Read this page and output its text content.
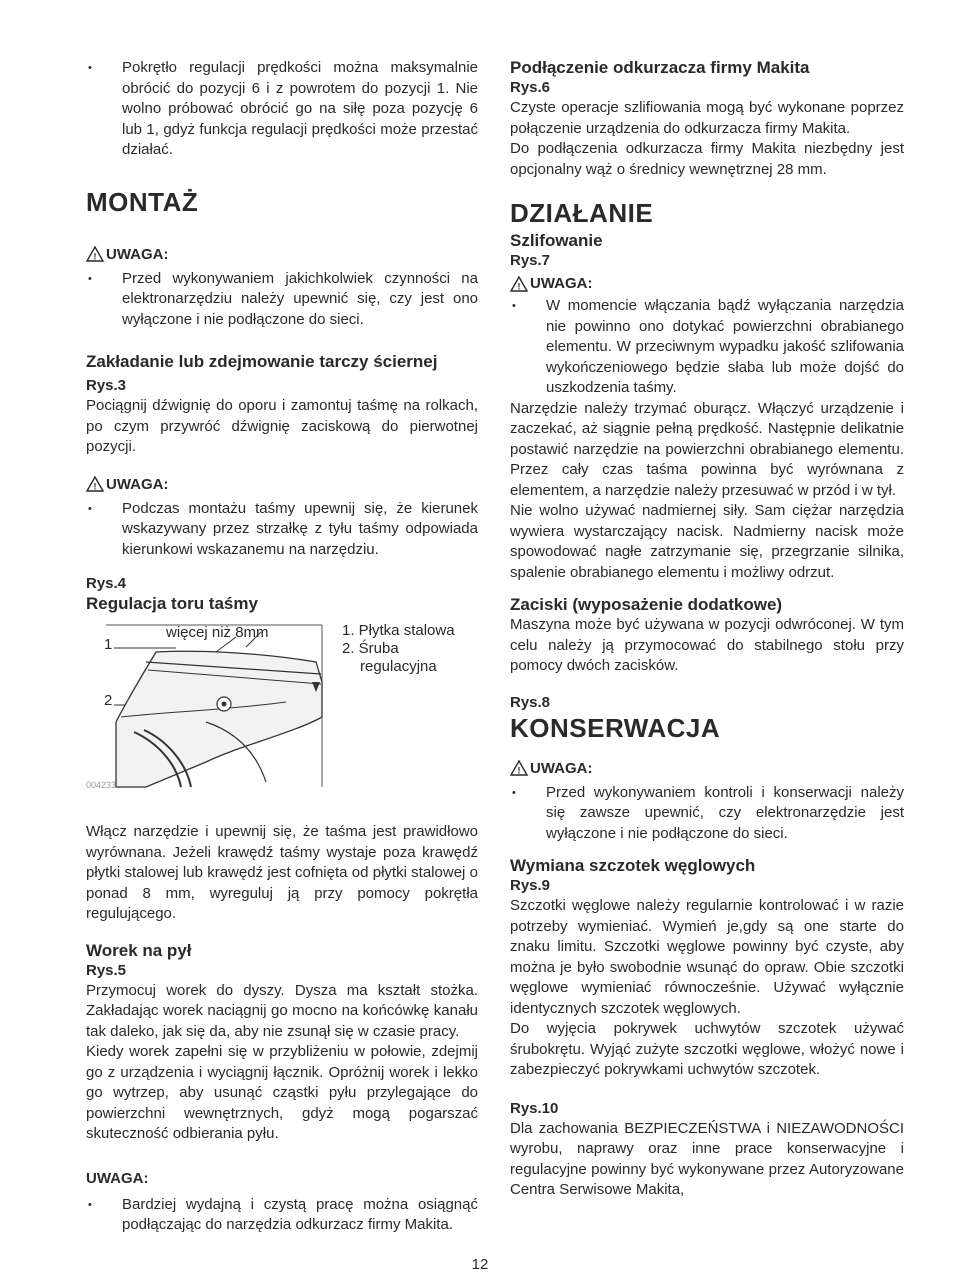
• Pokrętło regulacji prędkości można maksymalnie obrócić do pozycji 6 i z powrotem do pozycji 1. Nie wolno próbować obrócić go na siłę poza pozycję 6 lub 1, gdyż funkcja regulacji prędkości może przestać działać.

MONTAŻ
! UWAGA:

• Przed wykonywaniem jakichkolwiek czynności na elektronarzędziu należy upewnić się, czy jest ono wyłączone i nie podłączone do sieci.

Zakładanie lub zdejmowanie tarczy ściernej

Rys.3

Pociągnij dźwignię do oporu i zamontuj taśmę na rolkach, po czym przywróć dźwignię zaciskową do pierwotnej pozycji.

! UWAGA:

• Podczas montażu taśmy upewnij się, że kierunek wskazywany przez strzałkę z tyłu taśmy odpowiada kierunkowi wskazanemu na narzędziu.

Rys.4

Regulacja toru taśmy
więcej niż 8mm
1
2
1. Płytka stalowa
2. Śruba
regulacyjna
004233

Włącz narzędzie i upewnij się, że taśma jest prawidłowo wyrównana. Jeżeli krawędź taśmy wystaje poza krawędź płytki stalowej lub krawędź jest cofnięta od płytki stalowej o ponad 8 mm, wyreguluj ją przy pomocy pokrętła regulującego.

Worek na pył

Rys.5

Przymocuj worek do dyszy. Dysza ma kształt stożka. Zakładając worek naciągnij go mocno na końcówkę kanału tak daleko, jak się da, aby nie zsunął się w czasie pracy.

Kiedy worek zapełni się w przybliżeniu w połowie, zdejmij go z urządzenia i wyciągnij łącznik. Opróżnij worek i lekko go wytrzep, aby usunąć cząstki pyłu przylegające do powierzchni wewnętrznych, gdyż mogą pogarszać skuteczność odbierania pyłu.

UWAGA:

• Bardziej wydajną i czystą pracę można osiągnąć podłączając do narzędzia odkurzacz firmy Makita.

Podłączenie odkurzacza firmy Makita

Rys.6

Czyste operacje szlifiowania mogą być wykonane poprzez połączenie urządzenia do odkurzacza firmy Makita.

Do podłączenia odkurzacza firmy Makita niezbędny jest opcjonalny wąż o średnicy wewnętrznej 28 mm.

DZIAŁANIE
Szlifowanie

Rys.7

! UWAGA:

• W momencie włączania bądź wyłączania narzędzia nie powinno ono dotykać powierzchni obrabianego elementu. W przeciwnym wypadku jakość szlifowania wykończeniowego będzie słaba lub może dojść do uszkodzenia taśmy.

Narzędzie należy trzymać oburącz. Włączyć urządzenie i zaczekać, aż siągnie pełną prędkość. Następnie delikatnie postawić narzędzie na powierzchni obrabianego elementu. Przez cały czas taśma powinna być wyrównana z elementem, a narzędzie należy przesuwać w przód i w tył.

Nie wolno używać nadmiernej siły. Sam ciężar narzędzia wywiera wystarczający nacisk. Nadmierny nacisk może spowodować nagłe zatrzymanie się, przegrzanie silnika, spalenie obrabianego elementu i możliwy odrzut.

Zaciski (wyposażenie dodatkowe)

Maszyna może być używana w pozycji odwróconej. W tym celu należy ją przymocować do stabilnego stołu przy pomocy dwóch zacisków.

Rys.8

KONSERWACJA
! UWAGA:

• Przed wykonywaniem kontroli i konserwacji należy się zawsze upewnić, czy elektronarzędzie jest wyłączone i nie podłączone do sieci.

Wymiana szczotek węglowych

Rys.9

Szczotki węglowe należy regularnie kontrolować i w razie potrzeby wymieniać. Wymień je,gdy są one starte do znaku limitu. Szczotki węglowe powinny być czyste, aby można je było swobodnie wsunąć do opraw. Obie szczotki węglowe wymieniać równocześnie. Używać wyłącznie identycznych szczotek węglowych.

Do wyjęcia pokrywek uchwytów szczotek używać śrubokrętu. Wyjąć zużyte szczotki węglowe, włożyć nowe i zabezpieczyć pokrywkami uchwytów szczotek.

Rys.10

Dla zachowania BEZPIECZEŃSTWA i NIEZAWODNOŚCI wyrobu, naprawy oraz inne prace konserwacyjne i regulacyjne powinny być wykonywane przez Autoryzowane Centra Serwisowe Makita,

12
